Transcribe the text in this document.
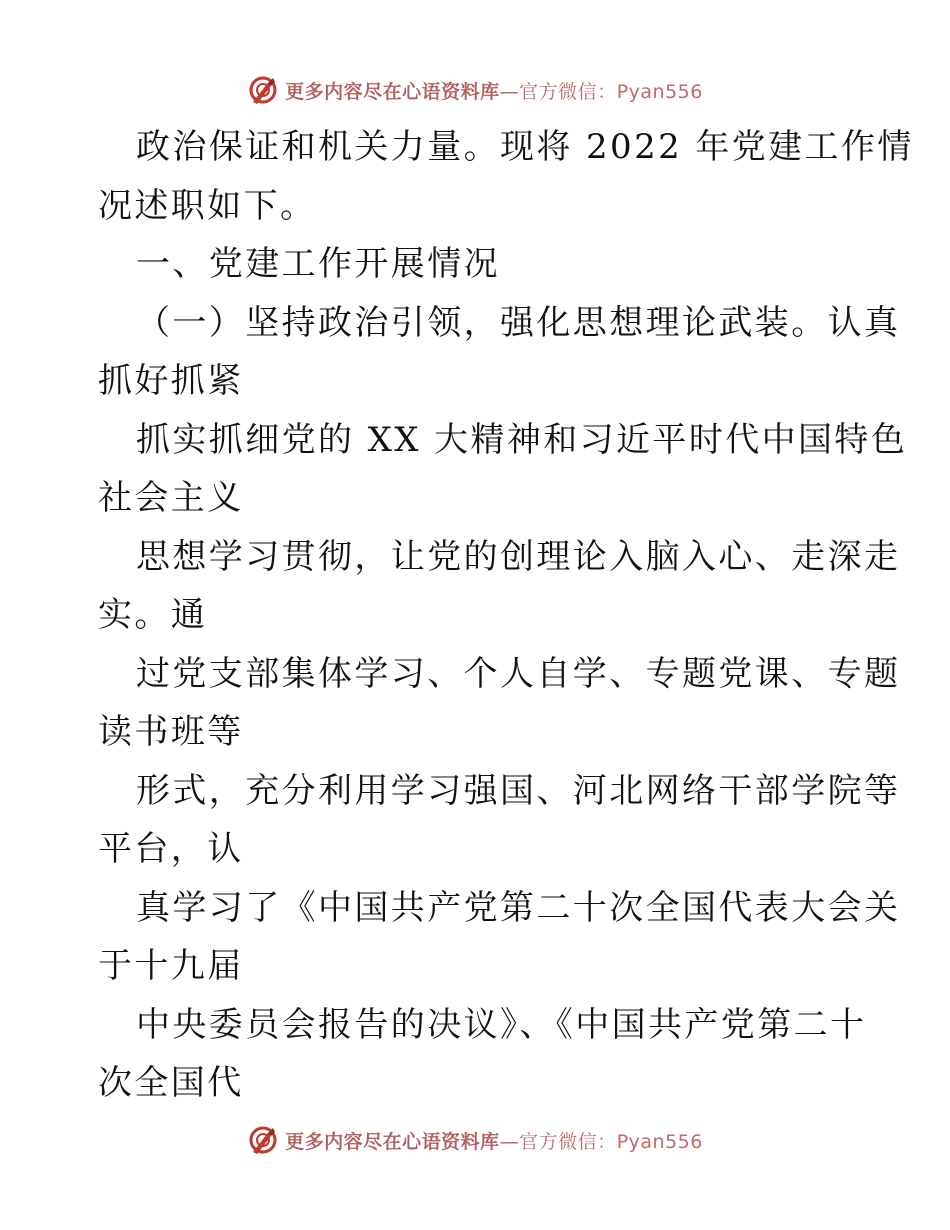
更多内容尽在心语资料库—官方微信：Pyan556
政治保证和机关力量。现将 2022 年党建工作情
况述职如下。
一、党建工作开展情况
（一）坚持政治引领，强化思想理论武装。认真
抓好抓紧
抓实抓细党的 XX 大精神和习近平时代中国特色
社会主义
思想学习贯彻，让党的创理论入脑入心、走深走
实。通
过党支部集体学习、个人自学、专题党课、专题
读书班等
形式，充分利用学习强国、河北网络干部学院等
平台，认
真学习了《中国共产党第二十次全国代表大会关
于十九届
中央委员会报告的决议》、《中国共产党第二十
次全国代
更多内容尽在心语资料库—官方微信：Pyan556
